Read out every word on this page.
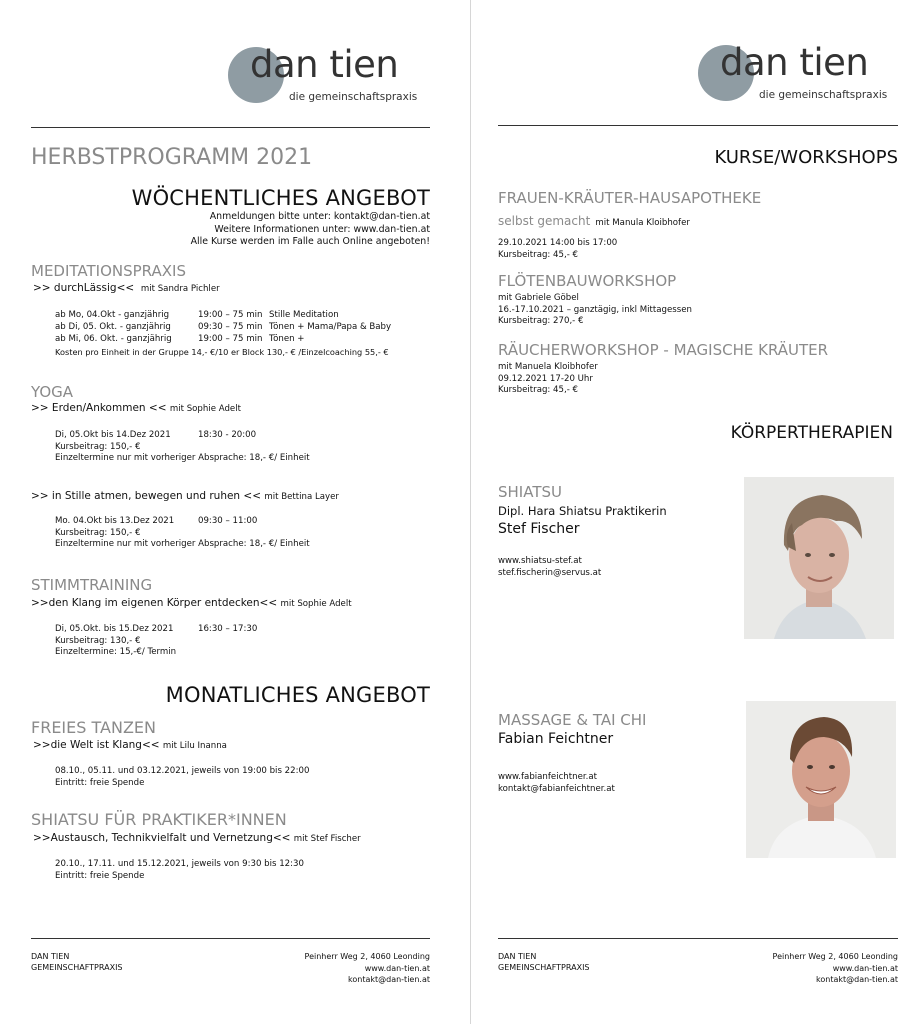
dan tien
die gemeinschaftspraxis
HERBSTPROGRAMM 2021
WÖCHENTLICHES ANGEBOT
Anmeldungen bitte unter: kontakt@dan-tien.at
Weitere Informationen unter: www.dan-tien.at
Alle Kurse werden im Falle auch Online angeboten!
MEDITATIONSPRAXIS
>> durchLässig<< mit Sandra Pichler
ab Mo, 04.Okt - ganzjährig	19:00 – 75 min Stille Meditation
ab Di, 05. Okt. - ganzjährig	09:30 – 75 min Tönen + Mama/Papa & Baby
ab Mi, 06. Okt. - ganzjährig	19:00 – 75 min Tönen +
Kosten pro Einheit in der Gruppe 14,- €/10 er Block 130,- € /Einzelcoaching 55,- €
YOGA
>> Erden/Ankommen << mit Sophie Adelt
Di, 05.Okt bis 14.Dez 2021	18:30 - 20:00
Kursbeitrag: 150,- €
Einzeltermine nur mit vorheriger Absprache: 18,- €/ Einheit
>> in Stille atmen, bewegen und ruhen << mit Bettina Layer
Mo. 04.Okt bis 13.Dez 2021	09:30 – 11:00
Kursbeitrag: 150,- €
Einzeltermine nur mit vorheriger Absprache: 18,- €/ Einheit
STIMMTRAINING
>>den Klang im eigenen Körper entdecken<< mit Sophie Adelt
Di, 05.Okt. bis 15.Dez 2021	16:30 – 17:30
Kursbeitrag: 130,- €
Einzeltermine: 15,-€/ Termin
MONATLICHES ANGEBOT
FREIES TANZEN
>>die Welt ist Klang<< mit Lilu Inanna
08.10., 05.11. und 03.12.2021, jeweils von 19:00 bis 22:00
Eintritt: freie Spende
SHIATSU FÜR PRAKTIKER*INNEN
>>Austausch, Technikvielfalt und Vernetzung<< mit Stef Fischer
20.10., 17.11. und 15.12.2021, jeweils von 9:30 bis 12:30
Eintritt: freie Spende
DAN TIEN
GEMEINSCHAFTPRAXIS
Peinherr Weg 2, 4060 Leonding
www.dan-tien.at
kontakt@dan-tien.at
dan tien
die gemeinschaftspraxis
KURSE/WORKSHOPS
FRAUEN-KRÄUTER-HAUSAPOTHEKE
selbst gemacht mit Manula Kloibhofer
29.10.2021 14:00 bis 17:00
Kursbeitrag: 45,- €
FLÖTENBAUWORKSHOP
mit Gabriele Göbel
16.-17.10.2021 – ganztägig, inkl Mittagessen
Kursbeitrag: 270,- €
RÄUCHERWORKSHOP - MAGISCHE KRÄUTER
mit Manuela Kloibhofer
09.12.2021 17-20 Uhr
Kursbeitrag: 45,- €
KÖRPERTHERAPIEN
SHIATSU
Dipl. Hara Shiatsu Praktikerin
Stef Fischer
www.shiatsu-stef.at
stef.fischerin@servus.at
MASSAGE & TAI CHI
Fabian Feichtner
www.fabianfeichtner.at
kontakt@fabianfeichtner.at
DAN TIEN
GEMEINSCHAFTPRAXIS
Peinherr Weg 2, 4060 Leonding
www.dan-tien.at
kontakt@dan-tien.at
